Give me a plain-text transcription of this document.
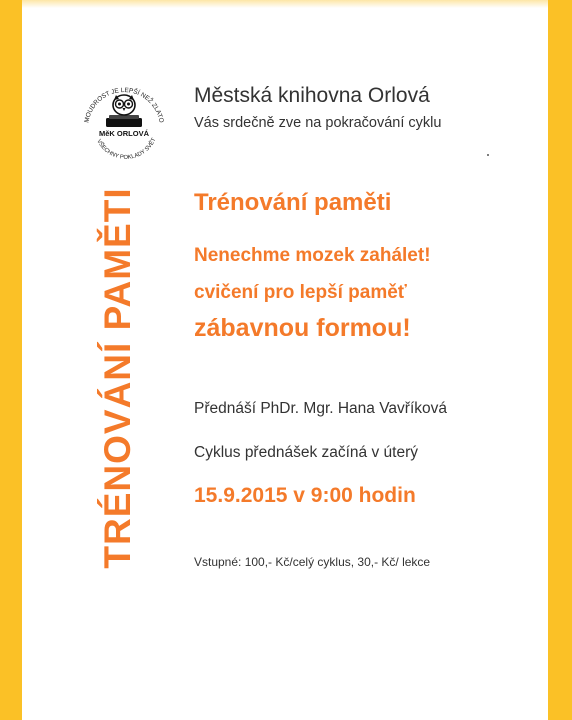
MOUDROST JE LEPŠÍ NEŽ ZLATO
VŠECHNY POKLADY SVĚT
MěK ORLOVÁ
TRÉNOVÁNÍ PAMĚTI
Městská knihovna Orlová
Vás srdečně zve na pokračování cyklu
Trénování paměti
Nenechme mozek zahálet!
cvičení pro lepší paměť
zábavnou formou!
Přednáší PhDr. Mgr. Hana Vavříková
Cyklus přednášek začíná v úterý
15.9.2015 v 9:00 hodin
Vstupné: 100,- Kč/celý cyklus, 30,- Kč/ lekce
